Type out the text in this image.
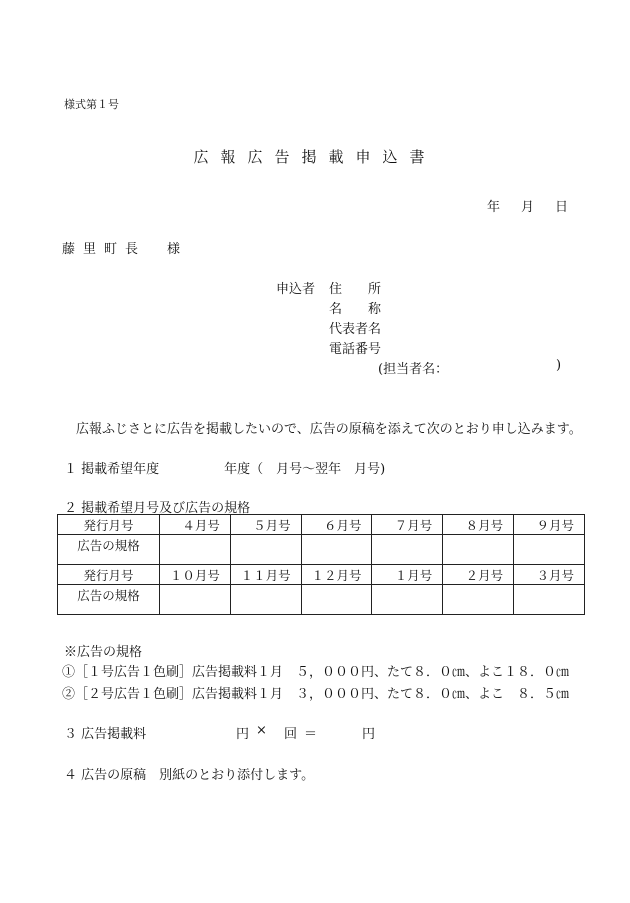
様式第１号
広報広告掲載申込書
年　月　日
藤里町長　様
申込者 住　　所
名　　称
代表者名
電話番号
(担当者名：	)
広報ふじさとに広告を掲載したいので、広告の原稿を添えて次のとおり申し込みます。
１ 掲載希望年度　　　　　年度（　月号～翌年　月号)
２ 掲載希望月号及び広告の規格
発行月号	４月号	５月号	６月号	７月号	８月号	９月号
広告の規格						
発行月号	１０月号	１１月号	１２月号	１月号	２月号	３月号
広告の規格						
※広告の規格
①［１号広告１色刷］広告掲載料１月　５，０００円、たて８．０㎝、よこ１８．０㎝
②［２号広告１色刷］広告掲載料１月　３，０００円、たて８．０㎝、よこ　８．５㎝
３ 広告掲載料	円 × 回 ＝	円
４ 広告の原稿　別紙のとおり添付します。
